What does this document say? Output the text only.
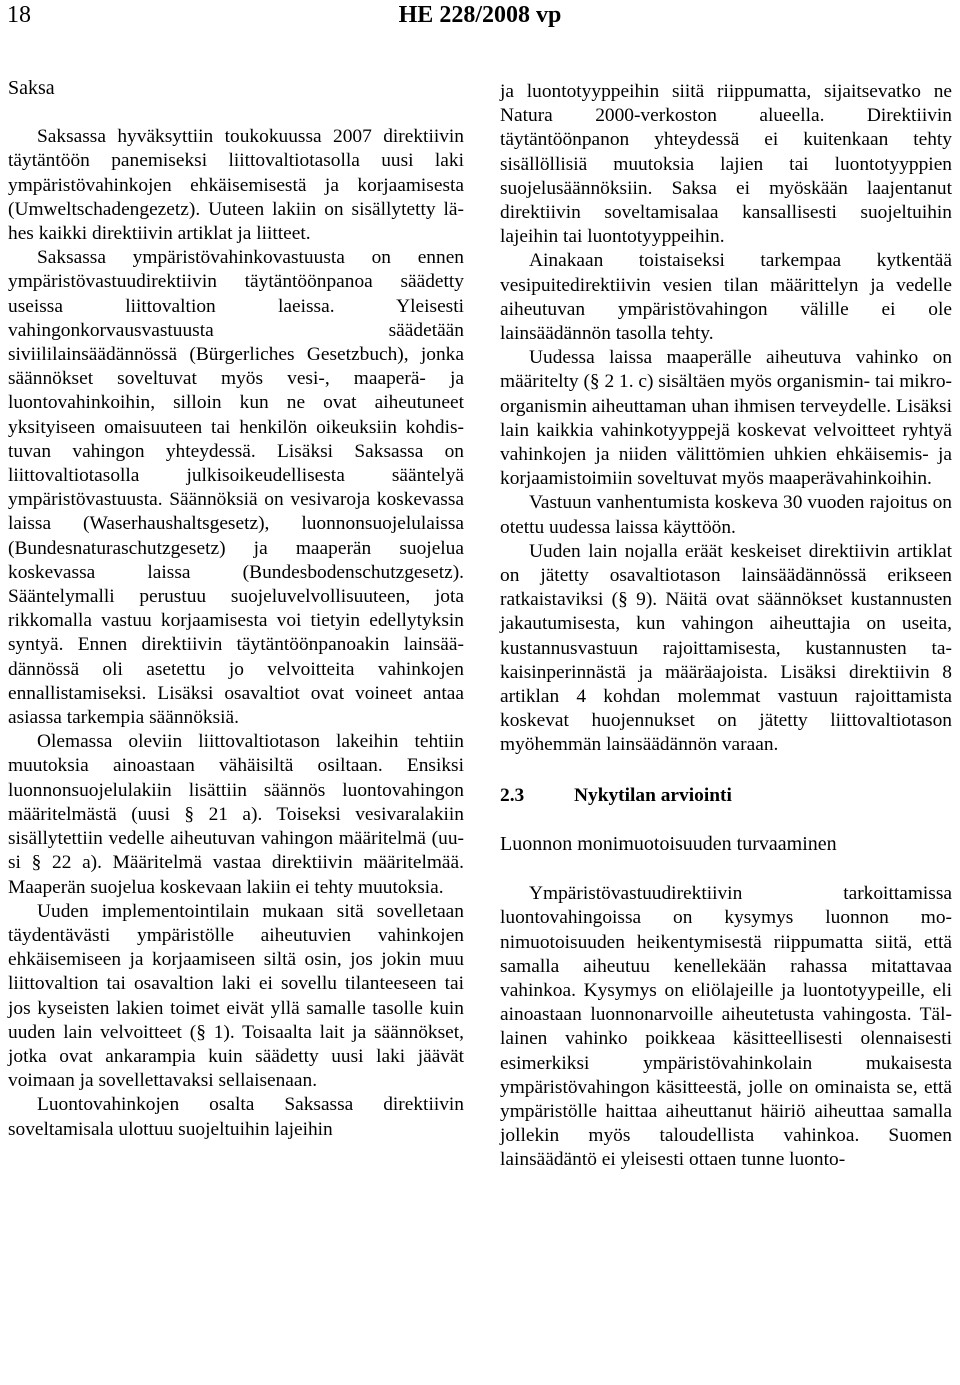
18	HE 228/2008 vp
Saksa

Saksassa hyväksyttiin toukokuussa 2007 direktiivin täytäntöön panemiseksi liittovaltiotasolla uusi laki ympäristövahinkojen ehkäisemisestä ja korjaamisesta (Umweltschadengezetz). Uuteen lakiin on sisällytetty lähes kaikki direktiivin artiklat ja liitteet.

Saksassa ympäristövahinkovastuusta on ennen ympäristövastuudirektiivin täytäntöönpanoa säädetty useissa liittovaltion laeissa. Yleisesti vahingonkorvausvastuusta säädetään siviililainsäädännössä (Bürgerliches Gesetzbuch), jonka säännökset soveltuvat myös vesi-, maaperä- ja luontovahinkoihin, silloin kun ne ovat aiheutuneet yksityiseen omaisuuteen tai henkilön oikeuksiin kohdistuvan vahingon yhteydessä. Lisäksi Saksassa on liittovaltiotasolla julkisoikeudellisesta sääntelyä ympäristövastuusta. Säännöksiä on vesivaroja koskevassa laissa (Waserhaushaltsgesetz), luonnonsuojelulaissa (Bundesnaturaschutzgesetz) ja maaperän suojelua koskevassa laissa (Bundesbodenschutzgesetz). Sääntelymalli perustuu suojeluvelvollisuuteen, jota rikkomalla vastuu korjaamisesta voi tietyin edellytyksin syntyä. Ennen direktiivin täytäntöönpanoakin lainsäädännössä oli asetettu jo velvoitteita vahinkojen ennallistamiseksi. Lisäksi osavaltiot ovat voineet antaa asiassa tarkempia säännöksiä.

Olemassa oleviin liittovaltiotason lakeihin tehtiin muutoksia ainoastaan vähäisiltä osiltaan. Ensiksi luonnonsuojelulakiin lisättiin säännös luontovahingon määritelmästä (uusi § 21 a). Toiseksi vesivaralakiin sisällytettiin vedelle aiheutuvan vahingon määritelmä (uusi § 22 a). Määritelmä vastaa direktiivin määritelmää. Maaperän suojelua koskevaan lakiin ei tehty muutoksia.

Uuden implementointilain mukaan sitä sovelletaan täydentävästi ympäristölle aiheutuvien vahinkojen ehkäisemiseen ja korjaamiseen siltä osin, jos jokin muu liittovaltion tai osavaltion laki ei sovellu tilanteeseen tai jos kyseisten lakien toimet eivät yllä samalle tasolle kuin uuden lain velvoitteet (§ 1). Toisaalta lait ja säännökset, jotka ovat ankarampia kuin säädetty uusi laki jäävät voimaan ja sovellettavaksi sellaisenaan.

Luontovahinkojen osalta Saksassa direktiivin soveltamisala ulottuu suojeltuihin lajeihin

ja luontotyyppeihin siitä riippumatta, sijaitsevatko ne Natura 2000-verkoston alueella. Direktiivin täytäntöönpanon yhteydessä ei kuitenkaan tehty sisällöllisiä muutoksia lajien tai luontotyyppien suojelusäännöksiin. Saksa ei myöskään laajentanut direktiivin soveltamisalaa kansallisesti suojeltuihin lajeihin tai luontotyyppeihin.

Ainakaan toistaiseksi tarkempaa kytkentää vesipuitedirektiivin vesien tilan määrittelyn ja vedelle aiheutuvan ympäristövahingon välille ei ole lainsäädännön tasolla tehty.

Uudessa laissa maaperälle aiheutuva vahinko on määritelty (§ 2 1. c) sisältäen myös organismin- tai mikro-organismin aiheuttaman uhan ihmisen terveydelle. Lisäksi lain kaikkia vahinkotyyppejä koskevat velvoitteet ryhtyä vahinkojen ja niiden välittömien uhkien ehkäisemis- ja korjaamistoimiin soveltuvat myös maaperävahinkoihin.

Vastuun vanhentumista koskeva 30 vuoden rajoitus on otettu uudessa laissa käyttöön.

Uuden lain nojalla eräät keskeiset direktiivin artiklat on jätetty osavaltiotason lainsäädännössä erikseen ratkaistaviksi (§ 9). Näitä ovat säännökset kustannusten jakautumisesta, kun vahingon aiheuttajia on useita, kustannusvastuun rajoittamisesta, kustannusten takaisinperinnästä ja määräajoista. Lisäksi direktiivin 8 artiklan 4 kohdan molemmat vastuun rajoittamista koskevat huojennukset on jätetty liittovaltiotason myöhemmän lainsäädännön varaan.

2.3	Nykytilan arviointi
Luonnon monimuotoisuuden turvaaminen

Ympäristövastuudirektiivin tarkoittamissa luontovahingoissa on kysymys luonnon monimuotoisuuden heikentymisestä riippumatta siitä, että samalla aiheutuu kenellekään rahassa mitattavaa vahinkoa. Kysymys on eliölajeille ja luontotyypeille, eli ainoastaan luonnonarvoille aiheutetusta vahingosta. Tällainen vahinko poikkeaa käsitteellisesti olennaisesti esimerkiksi ympäristövahinkolain mukaisesta ympäristövahingon käsitteestä, jolle on ominaista se, että ympäristölle haittaa aiheuttanut häiriö aiheuttaa samalla jollekin myös taloudellista vahinkoa. Suomen lainsäädäntö ei yleisesti ottaen tunne luonto-
